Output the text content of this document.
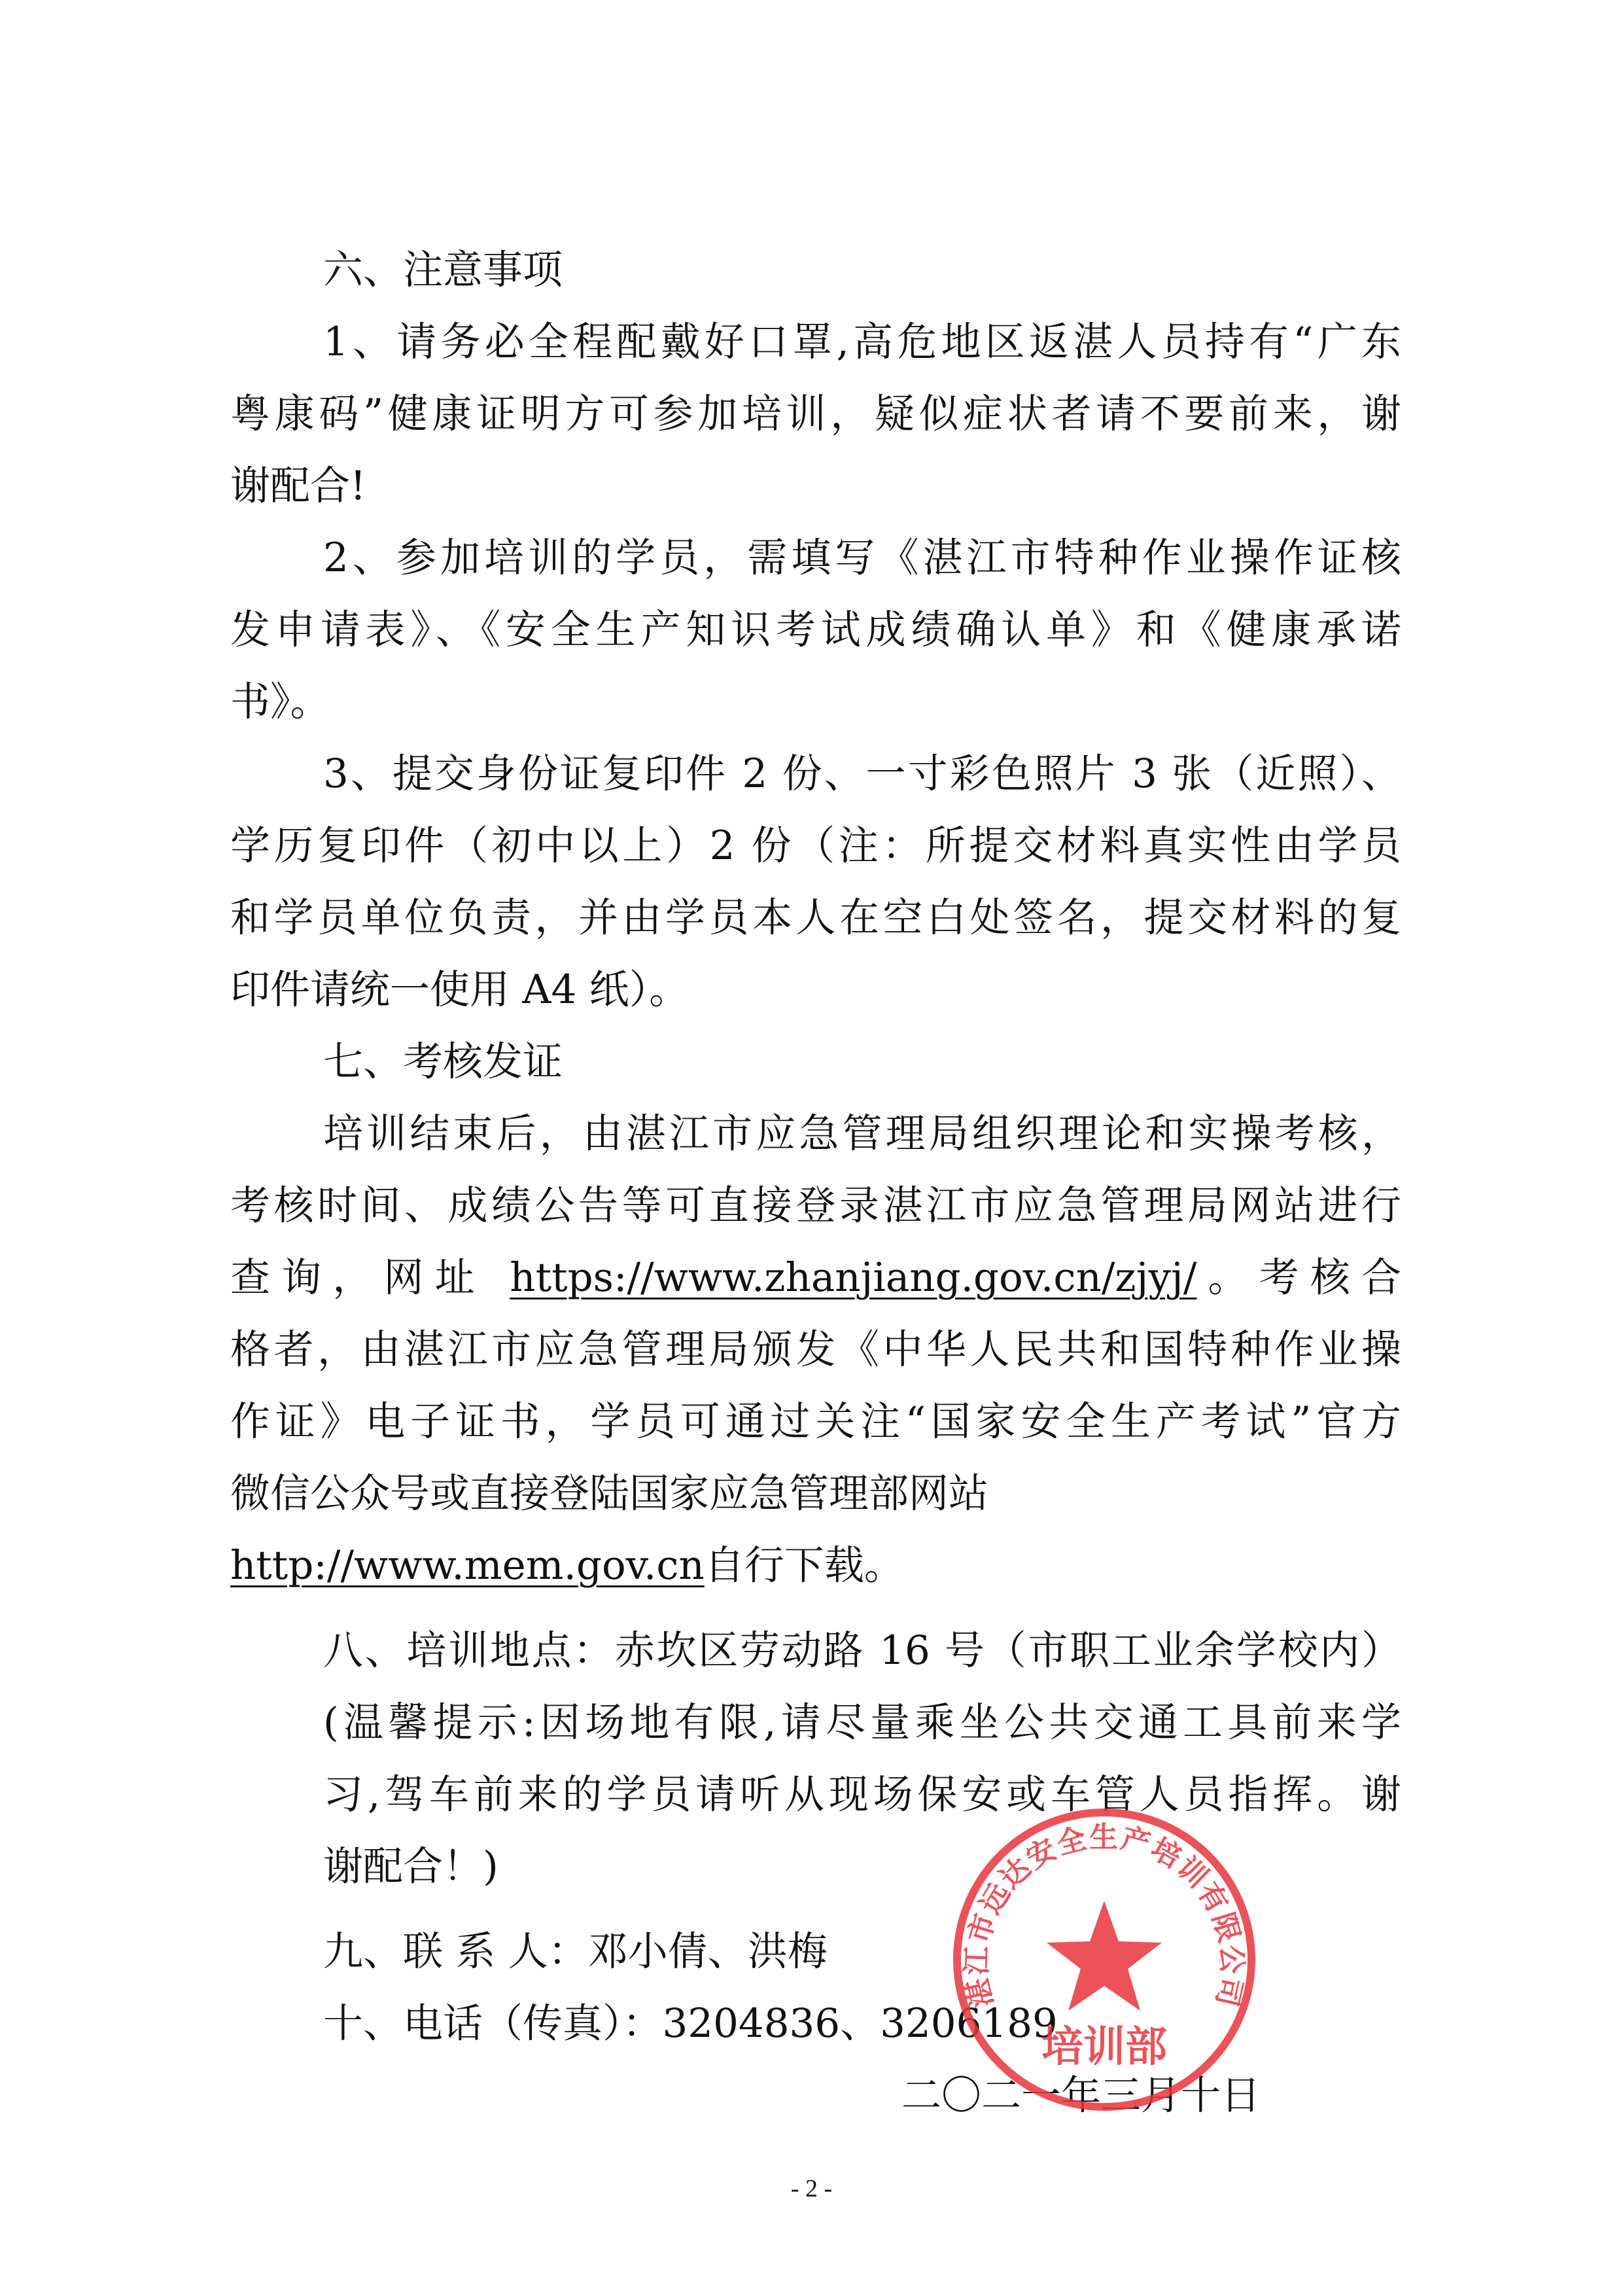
六、注意事项
1、请务必全程配戴好口罩,高危地区返湛人员持有“广东
粤康码”健康证明方可参加培训，疑似症状者请不要前来，谢
谢配合!
2、参加培训的学员，需填写《湛江市特种作业操作证核
发申请表》、《安全生产知识考试成绩确认单》和《健康承诺
书》。
3、提交身份证复印件 2 份、一寸彩色照片 3 张（近照）、
学历复印件（初中以上）2 份（注：所提交材料真实性由学员
和学员单位负责，并由学员本人在空白处签名，提交材料的复
印件请统一使用 A4 纸）。
七、考核发证
培训结束后，由湛江市应急管理局组织理论和实操考核，
考核时间、成绩公告等可直接登录湛江市应急管理局网站进行
查询，网址 https://www.zhanjiang.gov.cn/zjyj/。考核合
格者，由湛江市应急管理局颁发《中华人民共和国特种作业操
作证》电子证书，学员可通过关注“国家安全生产考试”官方
微信公众号或直接登陆国家应急管理部网站
http://www.mem.gov.cn自行下载。
八、培训地点：赤坎区劳动路 16 号（市职工业余学校内）
(温馨提示:因场地有限,请尽量乘坐公共交通工具前来学
习,驾车前来的学员请听从现场保安或车管人员指挥。谢
谢配合！)
九、联 系 人：邓小倩、洪梅
十、电话（传真）：3204836、3206189
二〇二一年三月十日
湛江市远达安全生产培训有限公司
培训部
- 2 -
